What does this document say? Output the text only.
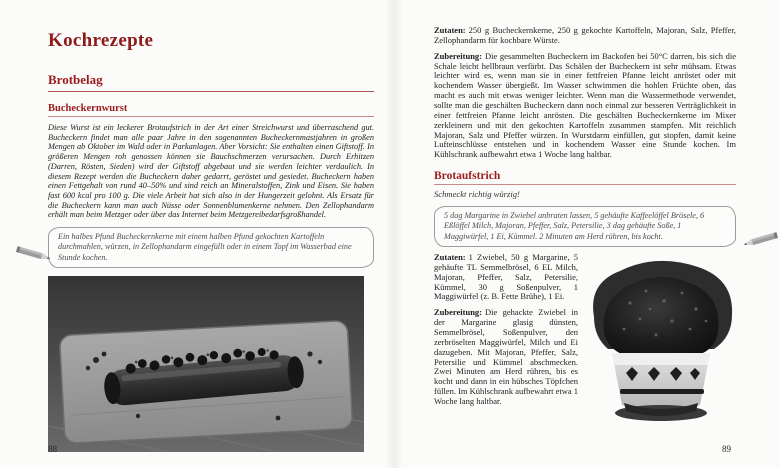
Kochrezepte
Brotbelag
Bucheckernwurst

Diese Wurst ist ein leckerer Brotaufstrich in der Art einer Streichwurst und überraschend gut. Bucheckern findet man alle paar Jahre in den sogenannten Bucheckernmastjahren in großen Mengen ab Oktober im Wald oder in Parkanlagen. Aber Vorsicht: Sie enthalten einen Giftstoff. In größeren Mengen roh genossen können sie Bauchschmerzen verursachen. Durch Erhitzen (Darren, Rösten, Sieden) wird der Giftstoff abgebaut und sie werden leichter verdaulich. In diesem Rezept werden die Bucheckern daher gedarrt, geröstet und gesiedet. Bucheckern haben einen Fettgehalt von rund 40–50% und sind reich an Mineralstoffen, Zink und Eisen. Sie haben fast 600 kcal pro 100 g. Die viele Arbeit hat sich also in der Hungerzeit gelohnt. Als Ersatz für die Bucheckern kann man auch Nüsse oder Sonnenblumenkerne nehmen. Den Zellophandarm erhält man beim Metzger oder über das Internet beim Metzgereibedarfsgroßhandel.

Ein halbes Pfund Bucheckernkerne mit einem halben Pfund gekochten Kartoffeln durchmahlen, würzen, in Zellophandarm eingefüllt oder in einem Topf im Wasserbad eine Stunde kochen.

Zutaten: 250 g Bucheckernkerne, 250 g gekochte Kartoffeln, Majoran, Salz, Pfeffer, Zellophandarm für kochbare Würste.

Zubereitung: Die gesammelten Bucheckern im Backofen bei 50°C darren, bis sich die Schale leicht hellbraun verfärbt. Das Schälen der Bucheckern ist sehr mühsam. Etwas leichter wird es, wenn man sie in einer fettfreien Pfanne leicht anröstet oder mit kochendem Wasser übergießt. Im Wasser schwimmen die hohlen Früchte oben, das macht es auch mit etwas weniger leichter. Wenn man die Wassermethode verwendet, sollte man die geschälten Bucheckern dann noch einmal zur besseren Verträglichkeit in einer fettfreien Pfanne leicht anrösten. Die geschälten Bucheckernkerne im Mixer zerkleinern und mit den gekochten Kartoffeln zusammen stampfen. Mit reichlich Majoran, Salz und Pfeffer würzen. In Wurstdarm einfüllen, gut stopfen, damit keine Lufteinschlüsse entstehen und in kochendem Wasser eine Stunde kochen. Im Kühlschrank aufbewahrt etwa 1 Woche lang haltbar.

Brotaufstrich

Schmeckt richtig würzig!

5 dag Margarine in Zwiebel anbraten lassen, 5 gehäufte Kaffeelöffel Brösele, 6 Eßlöffel Milch, Majoran, Pfeffer, Salz, Petersilie, 3 dag gehäufte Soße, 1 Maggiwürfel, 1 Ei, Kümmel. 2 Minuten am Herd rühren, bis kocht.

Zutaten: 1 Zwiebel, 50 g Margarine, 5 gehäufte TL Semmelbrösel, 6 EL Milch, Majoran, Pfeffer, Salz, Petersilie, Kümmel, 30 g Soßenpulver, 1 Maggiwürfel (z. B. Fette Brühe), 1 Ei.

Zubereitung: Die gehackte Zwiebel in der Margarine glasig dünsten, Semmelbrösel, Soßenpulver, den zerbröselten Maggiwürfel, Milch und Ei dazugeben. Mit Majoran, Pfeffer, Salz, Petersilie und Kümmel abschmecken. Zwei Minuten am Herd rühren, bis es kocht und dann in ein hübsches Töpfchen füllen. Im Kühlschrank aufbewahrt etwa 1 Woche lang haltbar.

88	89
